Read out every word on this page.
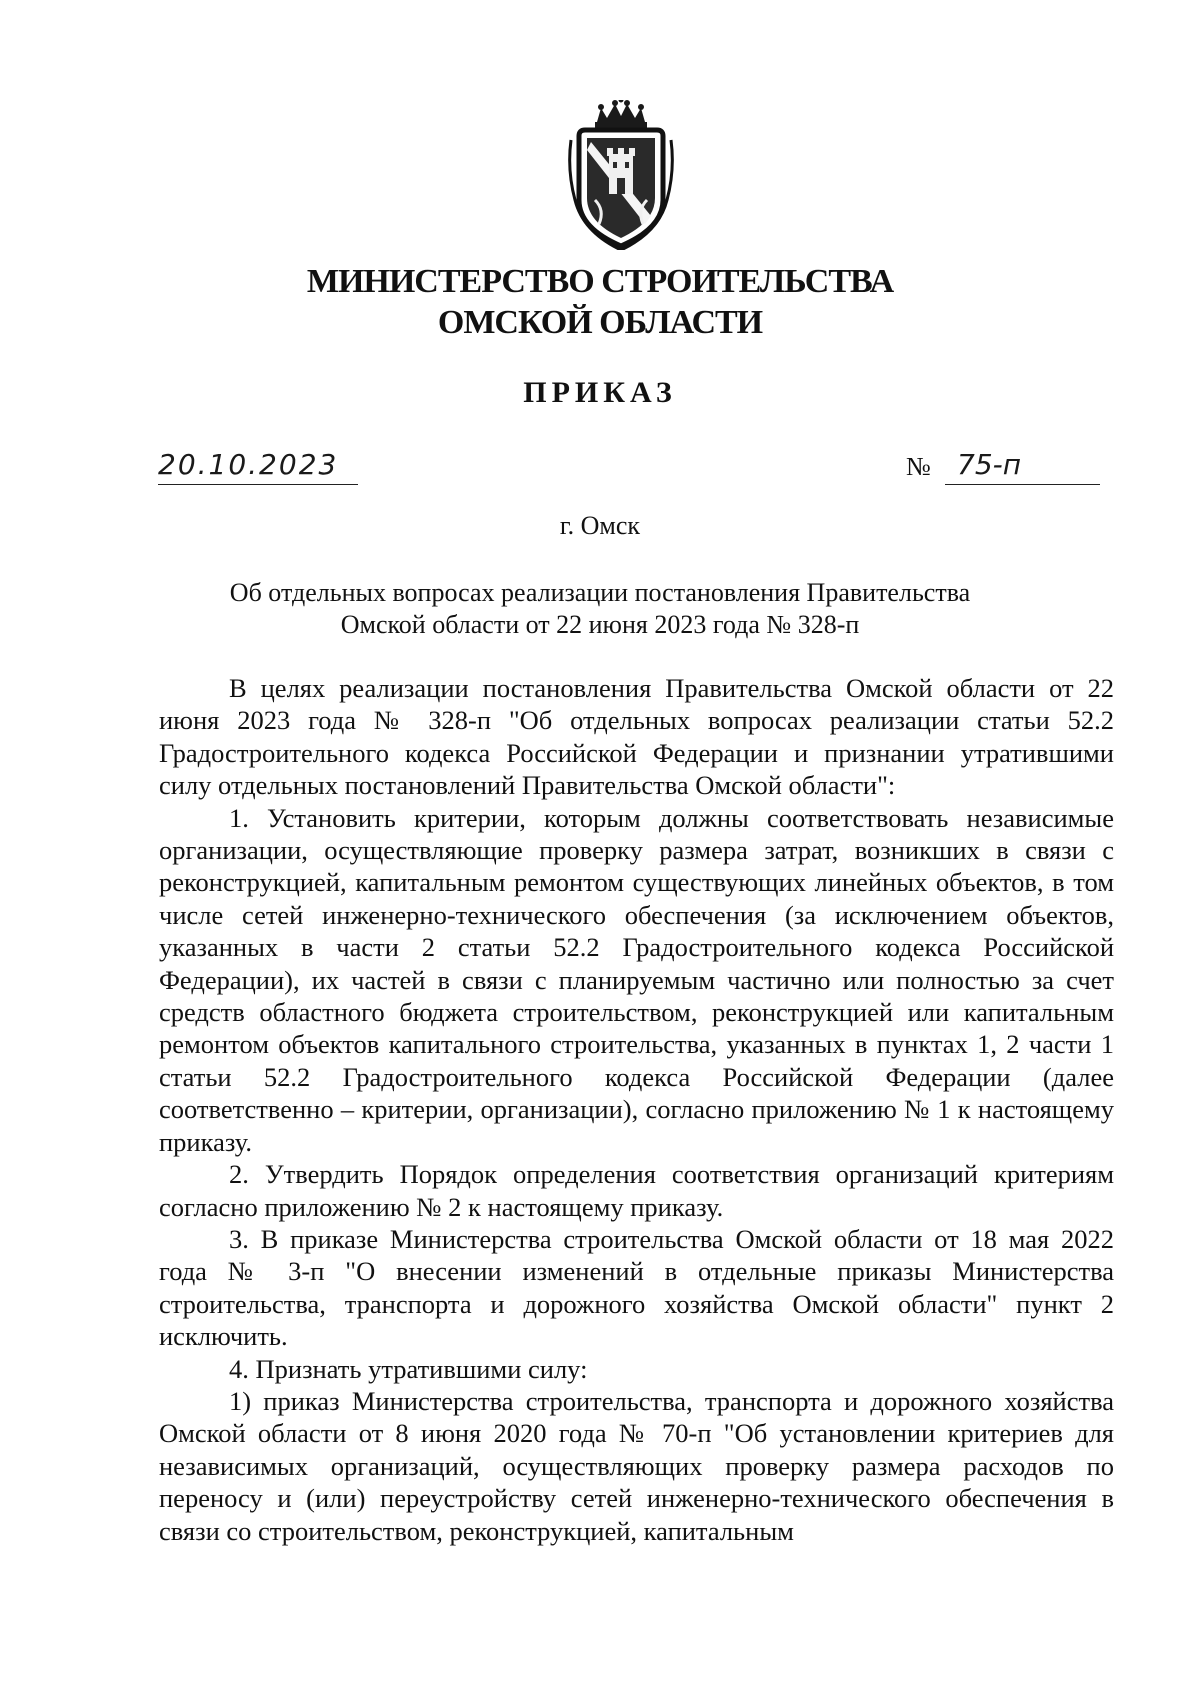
МИНИСТЕРСТВО СТРОИТЕЛЬСТВА
ОМСКОЙ ОБЛАСТИ
ПРИКАЗ
20.10.2023	№ 75-п
г. Омск
Об отдельных вопросах реализации постановления Правительства
Омской области от 22 июня 2023 года № 328-п

В целях реализации постановления Правительства Омской области от 22 июня 2023 года № 328-п "Об отдельных вопросах реализации статьи 52.2 Градостроительного кодекса Российской Федерации и признании утратившими силу отдельных постановлений Правительства Омской области":

1. Установить критерии, которым должны соответствовать независимые организации, осуществляющие проверку размера затрат, возникших в связи с реконструкцией, капитальным ремонтом существующих линейных объектов, в том числе сетей инженерно-технического обеспечения (за исключением объектов, указанных в части 2 статьи 52.2 Градостроительного кодекса Российской Федерации), их частей в связи с планируемым частично или полностью за счет средств областного бюджета строительством, реконструкцией или капитальным ремонтом объектов капитального строительства, указанных в пунктах 1, 2 части 1 статьи 52.2 Градостроительного кодекса Российской Федерации (далее соответственно – критерии, организации), согласно приложению № 1 к настоящему приказу.

2. Утвердить Порядок определения соответствия организаций критериям согласно приложению № 2 к настоящему приказу.

3. В приказе Министерства строительства Омской области от 18 мая 2022 года № 3-п "О внесении изменений в отдельные приказы Министерства строительства, транспорта и дорожного хозяйства Омской области" пункт 2 исключить.

4. Признать утратившими силу:

1) приказ Министерства строительства, транспорта и дорожного хозяйства Омской области от 8 июня 2020 года № 70-п "Об установлении критериев для независимых организаций, осуществляющих проверку размера расходов по переносу и (или) переустройству сетей инженерно-технического обеспечения в связи со строительством, реконструкцией, капитальным
